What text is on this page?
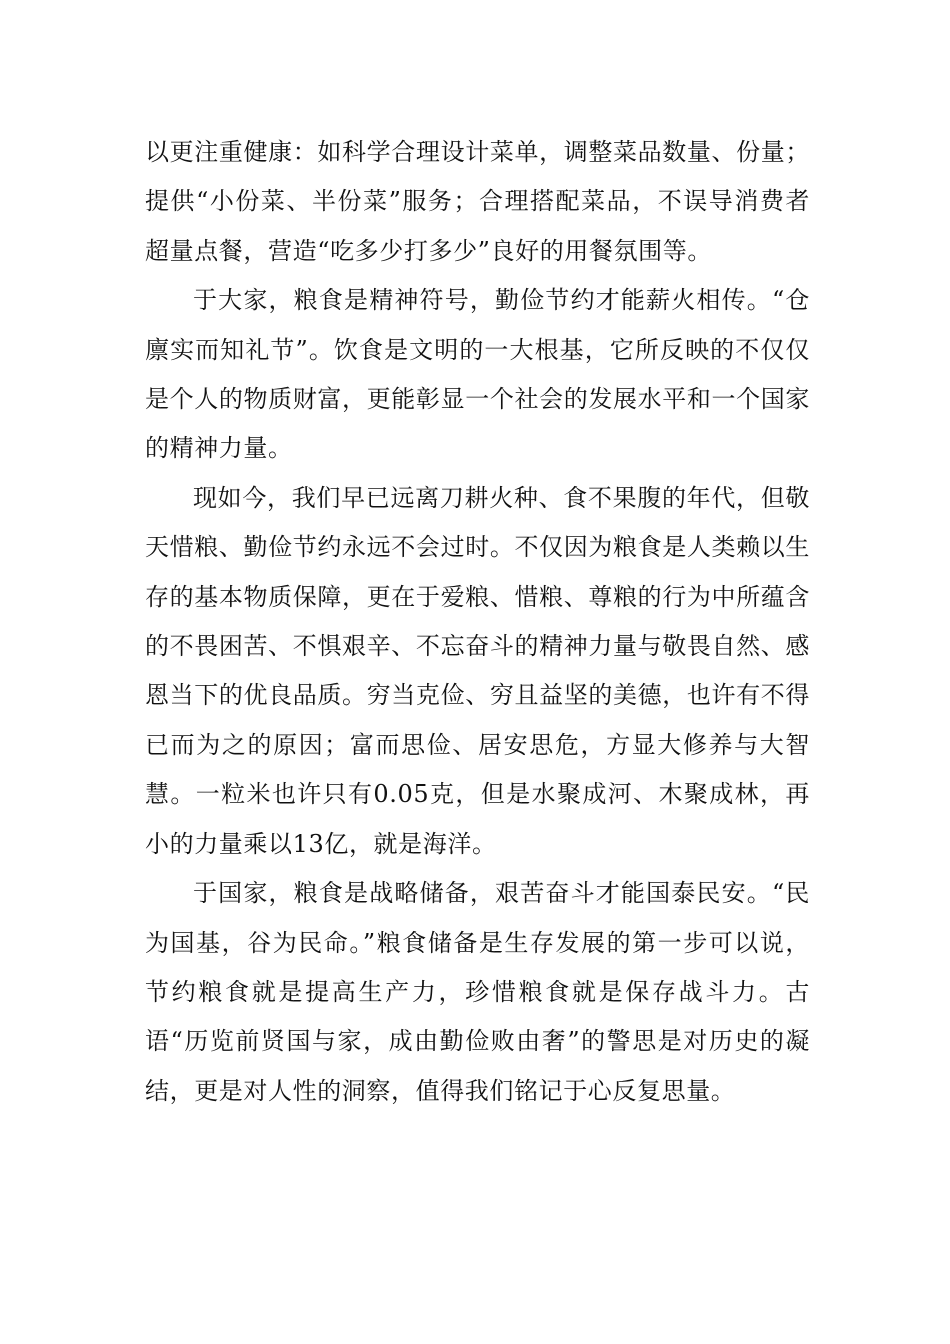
以更注重健康：如科学合理设计菜单，调整菜品数量、份量；提供“小份菜、半份菜”服务；合理搭配菜品，不误导消费者超量点餐，营造“吃多少打多少”良好的用餐氛围等。

于大家，粮食是精神符号，勤俭节约才能薪火相传。“仓廪实而知礼节”。饮食是文明的一大根基，它所反映的不仅仅是个人的物质财富，更能彰显一个社会的发展水平和一个国家的精神力量。

现如今，我们早已远离刀耕火种、食不果腹的年代，但敬天惜粮、勤俭节约永远不会过时。不仅因为粮食是人类赖以生存的基本物质保障，更在于爱粮、惜粮、尊粮的行为中所蕴含的不畏困苦、不惧艰辛、不忘奋斗的精神力量与敬畏自然、感恩当下的优良品质。穷当克俭、穷且益坚的美德，也许有不得已而为之的原因；富而思俭、居安思危，方显大修养与大智慧。一粒米也许只有0.05克，但是水聚成河、木聚成林，再小的力量乘以13亿，就是海洋。

于国家，粮食是战略储备，艰苦奋斗才能国泰民安。“民为国基，谷为民命。”粮食储备是生存发展的第一步可以说，节约粮食就是提高生产力，珍惜粮食就是保存战斗力。古语“历览前贤国与家，成由勤俭败由奢”的警思是对历史的凝结，更是对人性的洞察，值得我们铭记于心反复思量。
